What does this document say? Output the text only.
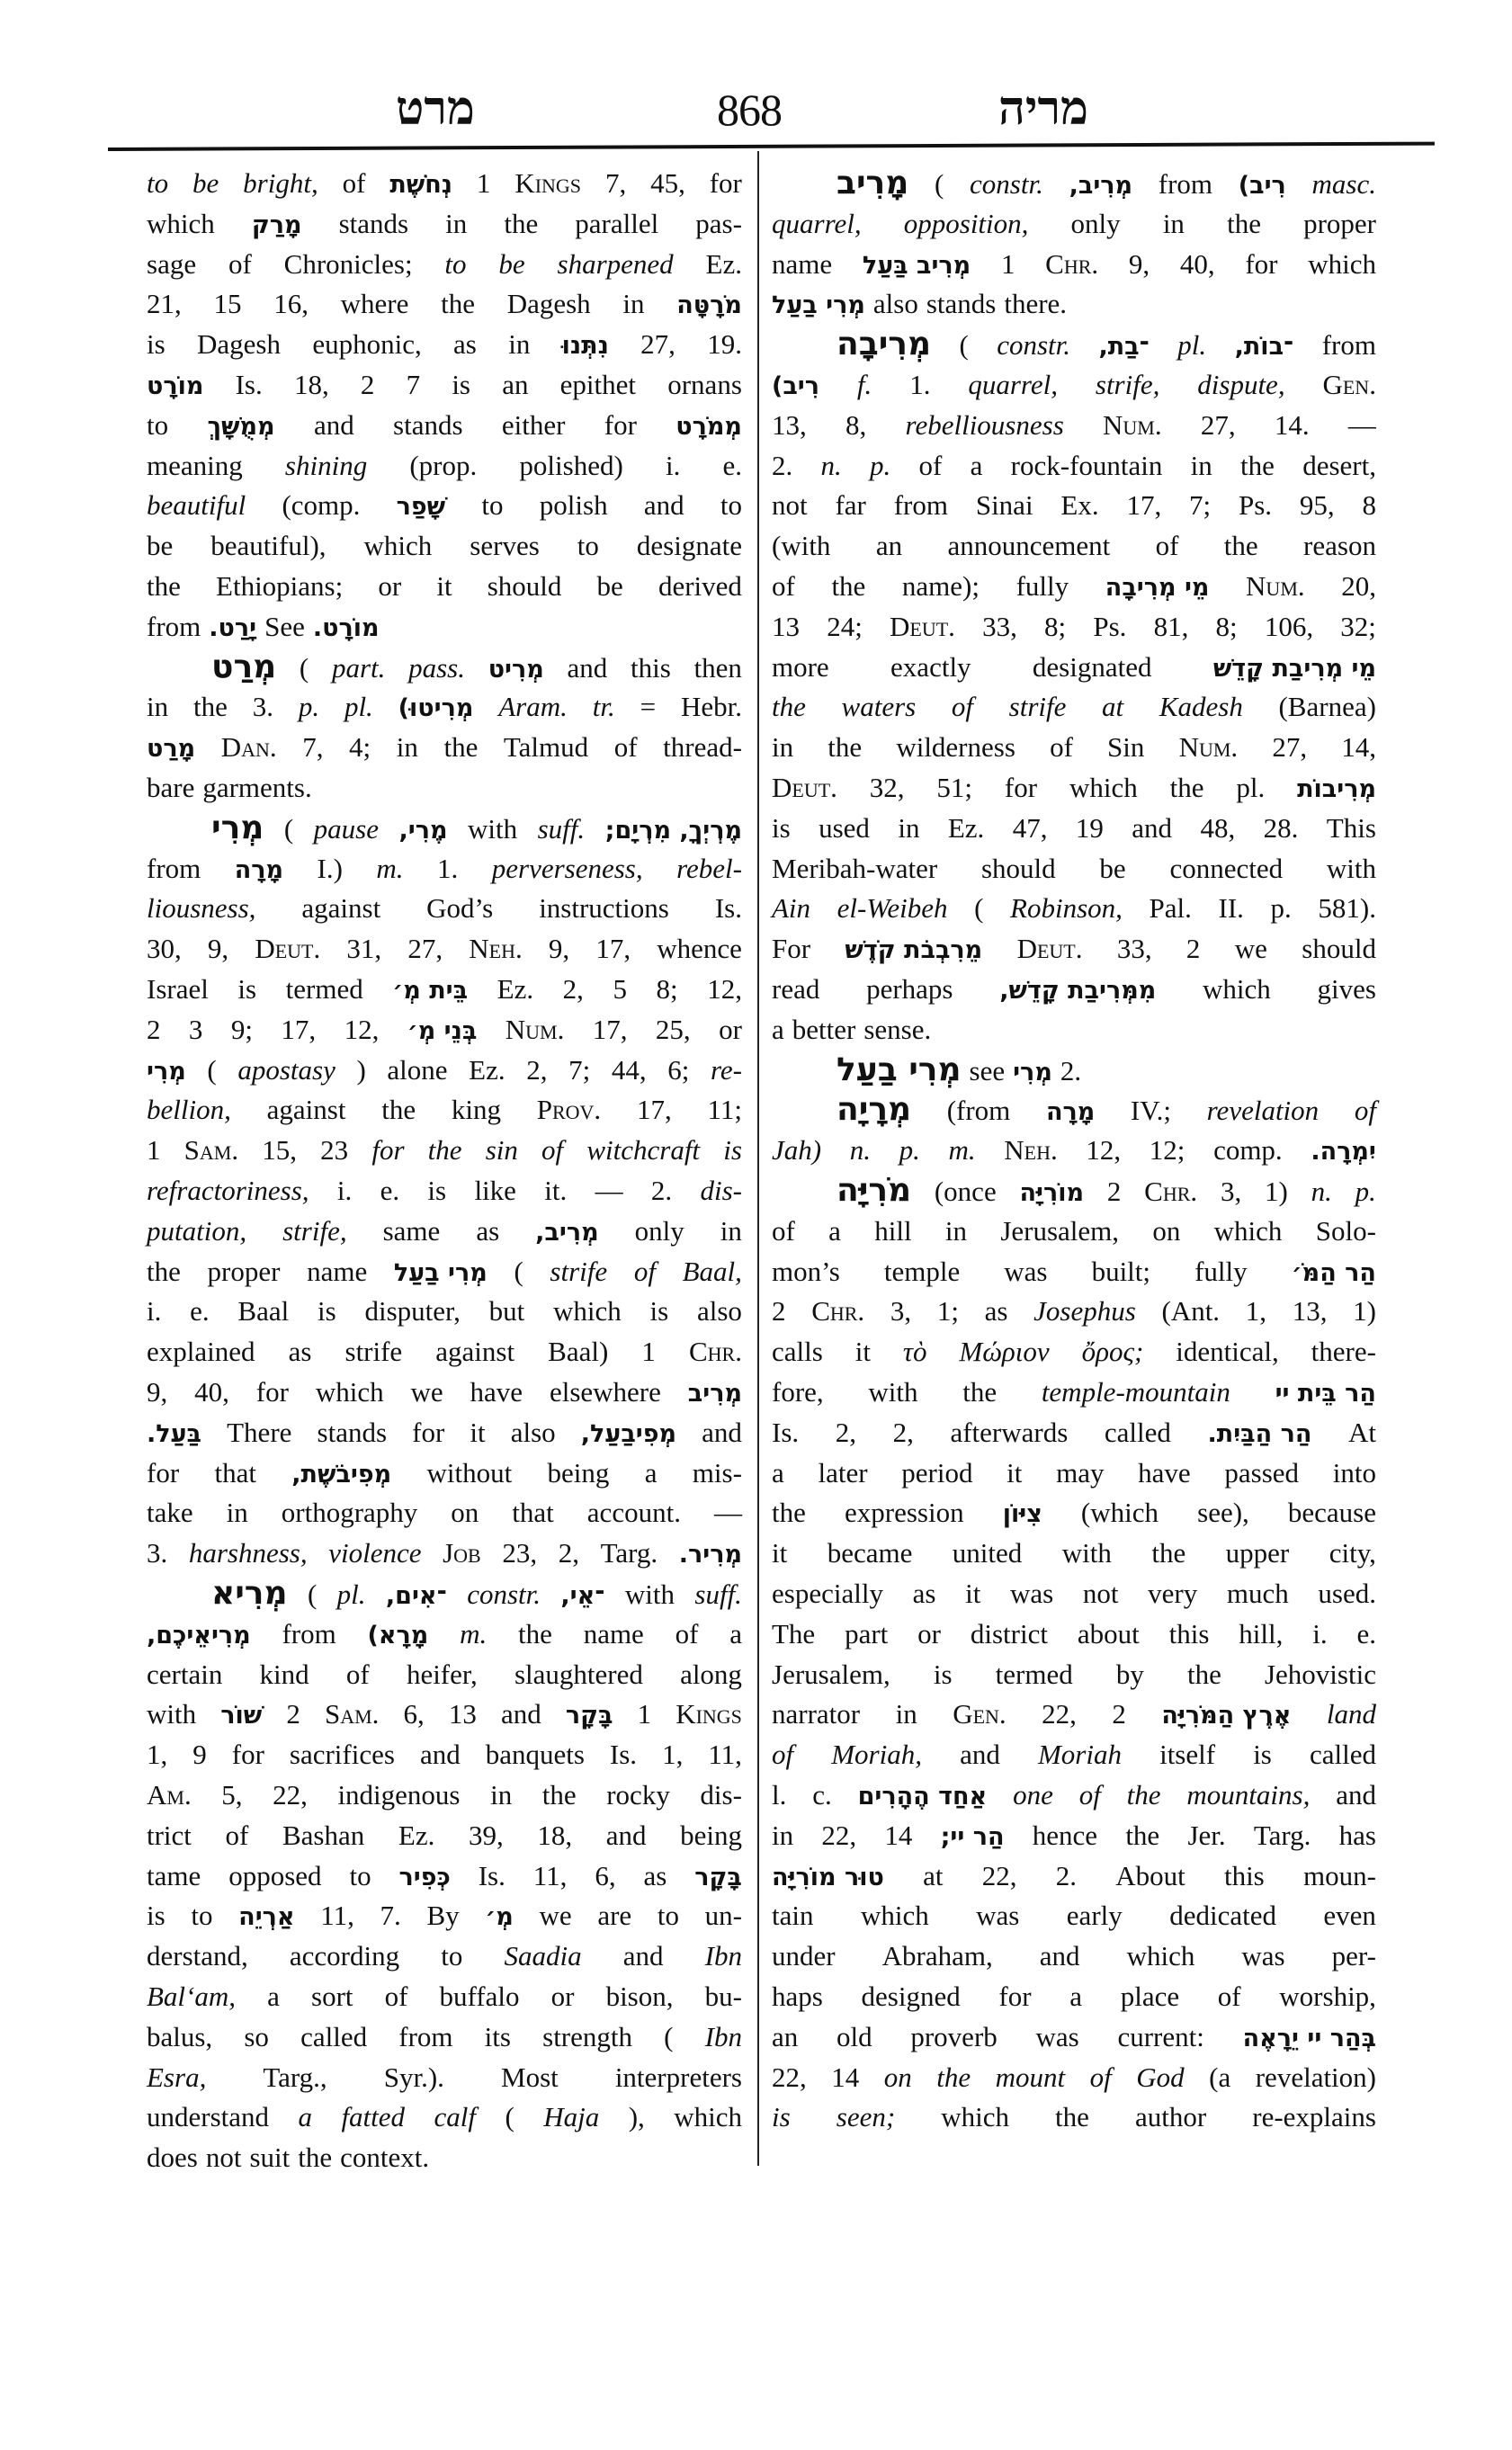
מרט	868	מריה
to be bright, of נְחֹשֶׁת 1 Kings 7, 45, for
which מָרַק stands in the parallel pas-
sage of Chronicles; to be sharpened Ez.
21, 15 16, where the Dagesh in מֹרָטָּה
is Dagesh euphonic, as in נִתְּנוּ 27, 19.
מוֹרָט Is. 18, 2 7 is an epithet ornans
to מְמֻשָּׁךְ and stands either for מְמֹרָט
meaning shining (prop. polished) i. e.
beautiful (comp. שָׁפַר to polish and to
be beautiful), which serves to designate
the Ethiopians; or it should be derived
from יָרַט. See מוֹרָט.
מְרַט ( part. pass. מְרִיט and this then
in the 3. p. pl. מְרִיטוּ) Aram. tr. = Hebr.
מָרַט Dan. 7, 4; in the Talmud of thread-
bare garments.
מְרִי ( pause מֶרִי, with suff. מֶרְיְךָ, מִרְיָם;
from מָרָה I.) m. 1. perverseness, rebel-
liousness, against God’s instructions Is.
30, 9, Deut. 31, 27, Neh. 9, 17, whence
Israel is termed בֵּית מְ׳ Ez. 2, 5 8; 12,
2 3 9; 17, 12, בְּנֵי מְ׳ Num. 17, 25, or
מְרִי ( apostasy ) alone Ez. 2, 7; 44, 6; re-
bellion, against the king Prov. 17, 11;
1 Sam. 15, 23 for the sin of witchcraft is
refractoriness, i. e. is like it. — 2. dis-
putation, strife, same as מְרִיב, only in
the proper name מְרִי בַעַל ( strife of Baal,
i. e. Baal is disputer, but which is also
explained as strife against Baal) 1 Chr.
9, 40, for which we have elsewhere מְרִיב
בַּעַל. There stands for it also מְפִיבַעַל, and
for that מְפִיבֹשֶׁת, without being a mis-
take in orthography on that account. —
3. harshness, violence Job 23, 2, Targ. מְרִיר.
מְרִיא ( pl. ־אִים, constr. ־אֵי, with suff.
מְרִיאֵיכֶם, from מָרָא) m. the name of a
certain kind of heifer, slaughtered along
with שׁוֹר 2 Sam. 6, 13 and בָּקָר 1 Kings
1, 9 for sacrifices and banquets Is. 1, 11,
Am. 5, 22, indigenous in the rocky dis-
trict of Bashan Ez. 39, 18, and being
tame opposed to כְּפִיר Is. 11, 6, as בָּקָר
is to אַרְיֵה 11, 7. By מְ׳ we are to un-
derstand, according to Saadia and Ibn
Bal‘am, a sort of buffalo or bison, bu-
balus, so called from its strength ( Ibn
Esra, Targ., Syr.). Most interpreters
understand a fatted calf ( Haja ), which
does not suit the context.
מָרִיב ( constr. מְרִיב, from רִיב) masc.
quarrel, opposition, only in the proper
name מְרִיב בַּעַל 1 Chr. 9, 40, for which
מְרִי בַעַל also stands there.
מְרִיבָה ( constr. ־בַת, pl. ־בוֹת, from
רִיב) f. 1. quarrel, strife, dispute, Gen.
13, 8, rebelliousness Num. 27, 14. —
2. n. p. of a rock-fountain in the desert,
not far from Sinai Ex. 17, 7; Ps. 95, 8
(with an announcement of the reason
of the name); fully מֵי מְרִיבָה Num. 20,
13 24; Deut. 33, 8; Ps. 81, 8; 106, 32;
more exactly designated	מֵי מְרִיבַת קָדֵשׁ
the waters of strife at Kadesh (Barnea)
in the wilderness of Sin Num. 27, 14,
Deut. 32, 51; for which the pl. מְרִיבוֹת
is used in Ez. 47, 19 and 48, 28. This
Meribah-water should be connected with
Ain el-Weibeh ( Robinson, Pal. II. p. 581).
For מֵרִבְבֹת קֹדֶשׁ Deut. 33, 2 we should
read perhaps מִמְּרִיבַת קָדֵשׁ, which gives
a better sense.
מְרִי בַעַל see מְרִי 2.
מְרָיָה (from מָרָה IV.; revelation of
Jah) n. p. m. Neh. 12, 12; comp. יִמְרָה.
מֹרִיָּה (once מוֹרִיָּה 2 Chr. 3, 1) n. p.
of a hill in Jerusalem, on which Solo-
mon’s temple was built; fully הַר הַמֹּ׳
2 Chr. 3, 1; as Josephus (Ant. 1, 13, 1)
calls it τὸ Μώριον ὄρος; identical, there-
fore, with the temple-mountain הַר בֵּית יי
Is. 2, 2, afterwards called הַר הַבַּיִת. At
a later period it may have passed into
the expression צִיּוֹן (which see), because
it became united with the upper city,
especially as it was not very much used.
The part or district about this hill, i. e.
Jerusalem, is termed by the Jehovistic
narrator in Gen. 22, 2 אֶרֶץ הַמֹּרִיָּה land
of Moriah, and Moriah itself is called
l. c. אַחַד הֶהָרִים one of the mountains, and
in 22, 14 הַר יי; hence the Jer. Targ. has
טוּר מוֹרִיָּה at 22, 2. About this moun-
tain which was early dedicated even
under Abraham, and which was per-
haps designed for a place of worship,
an old proverb was current: בְּהַר יי יֵרָאֶה
22, 14 on the mount of God (a revelation)
is seen; which the author re-explains
